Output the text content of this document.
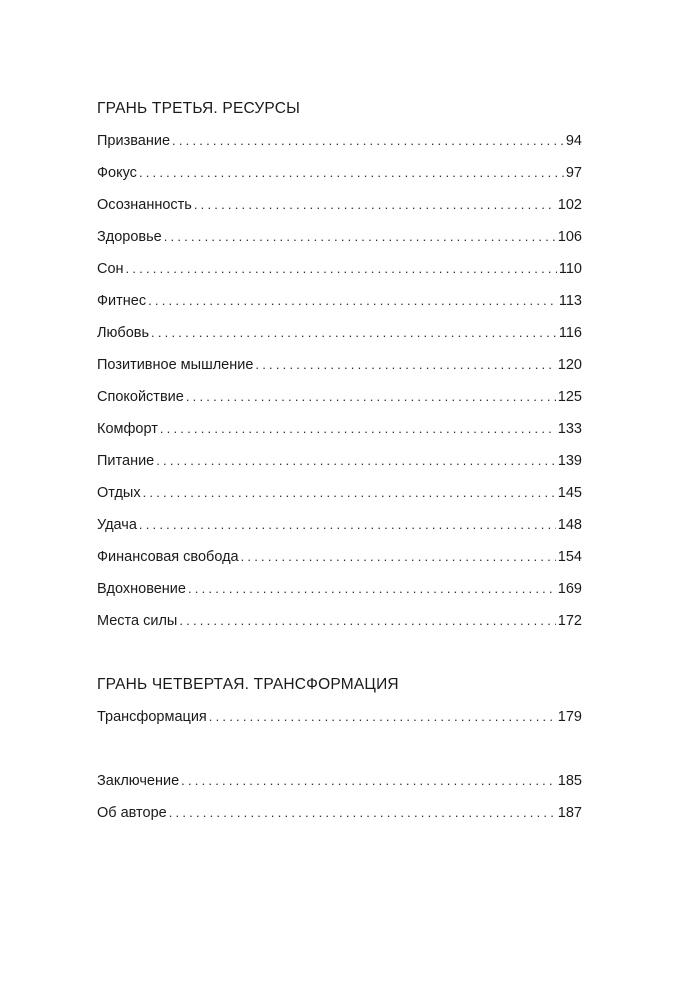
ГРАНЬ ТРЕТЬЯ. РЕСУРСЫ
Призвание .....	94
Фокус .....	97
Осознанность .....	102
Здоровье .....	106
Сон .....	110
Фитнес .....	113
Любовь .....	116
Позитивное мышление .....	120
Спокойствие .....	125
Комфорт .....	133
Питание .....	139
Отдых .....	145
Удача .....	148
Финансовая свобода .....	154
Вдохновение .....	169
Места силы .....	172
ГРАНЬ ЧЕТВЕРТАЯ. ТРАНСФОРМАЦИЯ
Трансформация .....	179
Заключение .....	185
Об авторе .....	187
